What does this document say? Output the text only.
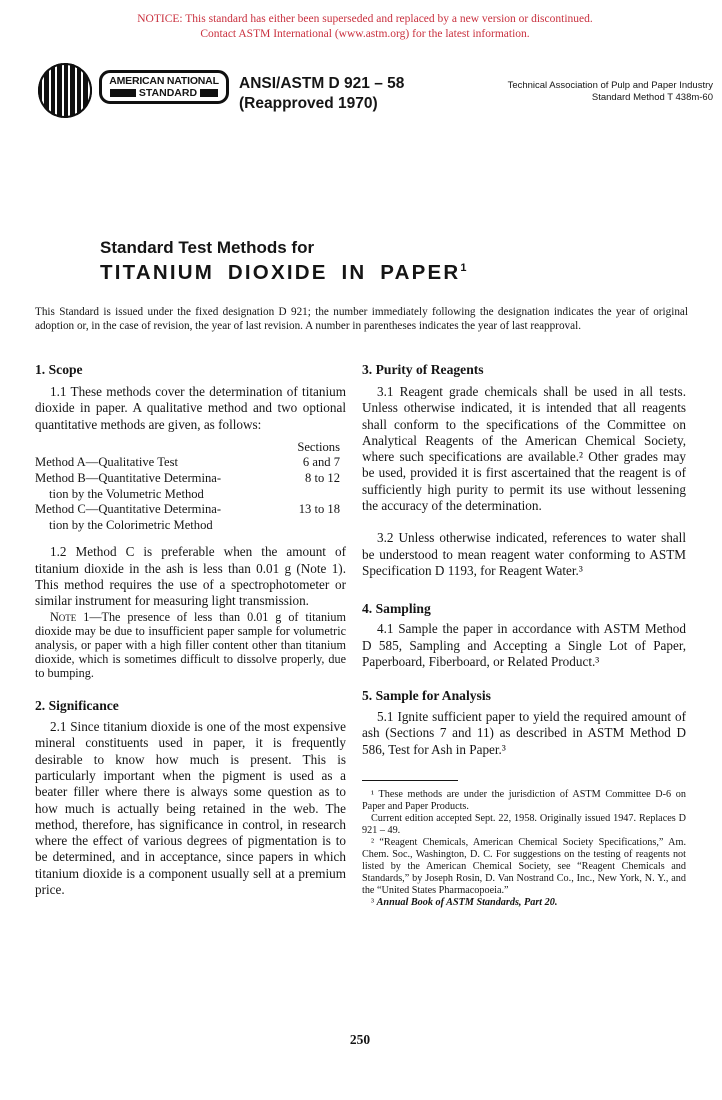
NOTICE: This standard has either been superseded and replaced by a new version or discontinued.
Contact ASTM International (www.astm.org) for the latest information.
AMERICAN NATIONAL
STANDARD
ANSI/ASTM D 921 – 58
(Reapproved 1970)
Technical Association of Pulp and Paper Industry
Standard Method T 438m-60
Standard Test Methods for
TITANIUM DIOXIDE IN PAPER$^1$
This Standard is issued under the fixed designation D 921; the number immediately following the designation indicates the year of original adoption or, in the case of revision, the year of last revision. A number in parentheses indicates the year of last reapproval.
1. Scope

1.1 These methods cover the determination of titanium dioxide in paper. A qualitative method and two optional quantitative methods are given, as follows:

Sections
Method A—Qualitative Test	6 and 7
Method B—Quantitative Determina-
tion by the Volumetric Method
8 to 12
Method C—Quantitative Determina-
tion by the Colorimetric Method
13 to 18

1.2 Method C is preferable when the amount of titanium dioxide in the ash is less than 0.01 g (Note 1). This method requires the use of a spectrophotometer or similar instrument for measuring light transmission.

Note 1—The presence of less than 0.01 g of titanium dioxide may be due to insufficient paper sample for volumetric analysis, or paper with a high filler content other than titanium dioxide, which is sometimes difficult to dissolve properly, due to bumping.

2. Significance

2.1 Since titanium dioxide is one of the most expensive mineral constituents used in paper, it is frequently desirable to know how much is present. This is particularly important when the pigment is used as a beater filler where there is always some question as to how much is actually being retained in the web. The method, therefore, has significance in control, in research where the effect of various degrees of pigmentation is to be determined, and in acceptance, since papers in which titanium dioxide is a component usually sell at a premium price.

3. Purity of Reagents

3.1 Reagent grade chemicals shall be used in all tests. Unless otherwise indicated, it is intended that all reagents shall conform to the specifications of the Committee on Analytical Reagents of the American Chemical Society, where such specifications are available.² Other grades may be used, provided it is first ascertained that the reagent is of sufficiently high purity to permit its use without lessening the accuracy of the determination.

3.2 Unless otherwise indicated, references to water shall be understood to mean reagent water conforming to ASTM Specification D 1193, for Reagent Water.³

4. Sampling

4.1 Sample the paper in accordance with ASTM Method D 585, Sampling and Accepting a Single Lot of Paper, Paperboard, Fiberboard, or Related Product.³

5. Sample for Analysis

5.1 Ignite sufficient paper to yield the required amount of ash (Sections 7 and 11) as described in ASTM Method D 586, Test for Ash in Paper.³

¹ These methods are under the jurisdiction of ASTM Committee D-6 on Paper and Paper Products.

Current edition accepted Sept. 22, 1958. Originally issued 1947. Replaces D 921 – 49.

² “Reagent Chemicals, American Chemical Society Specifications,” Am. Chem. Soc., Washington, D. C. For suggestions on the testing of reagents not listed by the American Chemical Society, see “Reagent Chemicals and Standards,” by Joseph Rosin, D. Van Nostrand Co., Inc., New York, N. Y., and the “United States Pharmacopoeia.”

³ Annual Book of ASTM Standards, Part 20.

250
